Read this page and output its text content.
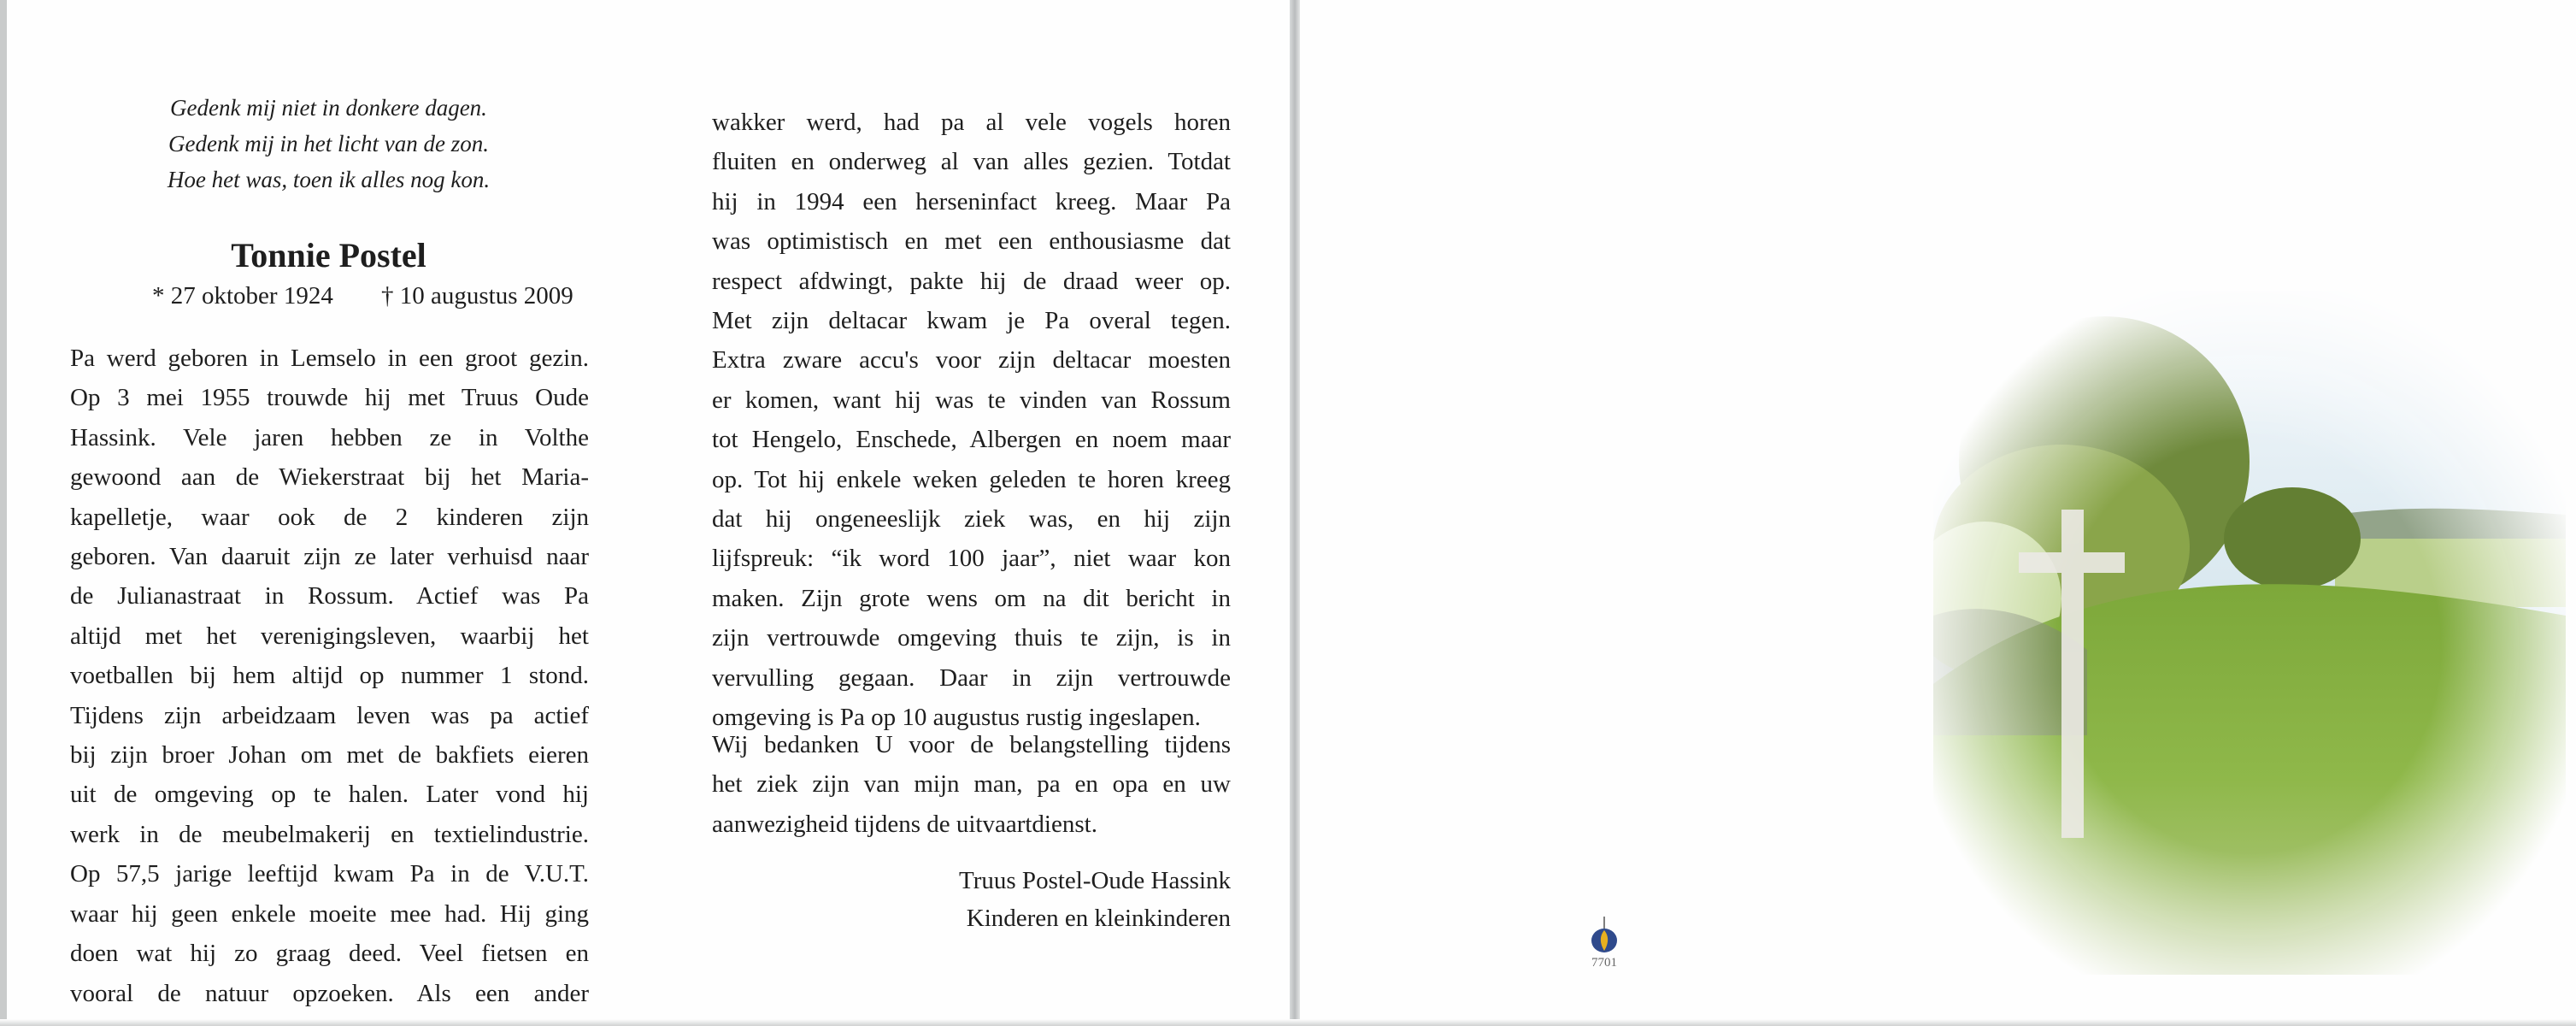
Gedenk mij niet in donkere dagen.
Gedenk mij in het licht van de zon.
Hoe het was, toen ik alles nog kon.
Tonnie Postel
* 27 oktober 1924 † 10 augustus 2009
Pa werd geboren in Lemselo in een groot gezin.
Op 3 mei 1955 trouwde hij met Truus Oude
Hassink. Vele jaren hebben ze in Volthe
gewoond aan de Wiekerstraat bij het Maria-
kapelletje, waar ook de 2 kinderen zijn
geboren. Van daaruit zijn ze later verhuisd naar
de Julianastraat in Rossum. Actief was Pa
altijd met het verenigingsleven, waarbij het
voetballen bij hem altijd op nummer 1 stond.
Tijdens zijn arbeidzaam leven was pa actief
bij zijn broer Johan om met de bakfiets eieren
uit de omgeving op te halen. Later vond hij
werk in de meubelmakerij en textielindustrie.
Op 57,5 jarige leeftijd kwam Pa in de V.U.T.
waar hij geen enkele moeite mee had. Hij ging
doen wat hij zo graag deed. Veel fietsen en
vooral de natuur opzoeken. Als een ander
wakker werd, had pa al vele vogels horen
fluiten en onderweg al van alles gezien. Totdat
hij in 1994 een herseninfact kreeg. Maar Pa
was optimistisch en met een enthousiasme dat
respect afdwingt, pakte hij de draad weer op.
Met zijn deltacar kwam je Pa overal tegen.
Extra zware accu's voor zijn deltacar moesten
er komen, want hij was te vinden van Rossum
tot Hengelo, Enschede, Albergen en noem maar
op. Tot hij enkele weken geleden te horen kreeg
dat hij ongeneeslijk ziek was, en hij zijn
lijfspreuk: “ik word 100 jaar”, niet waar kon
maken. Zijn grote wens om na dit bericht in
zijn vertrouwde omgeving thuis te zijn, is in
vervulling gegaan. Daar in zijn vertrouwde
omgeving is Pa op 10 augustus rustig ingeslapen.
Wij bedanken U voor de belangstelling tijdens
het ziek zijn van mijn man, pa en opa en uw
aanwezigheid tijdens de uitvaartdienst.
Truus Postel-Oude Hassink
Kinderen en kleinkinderen
7701
